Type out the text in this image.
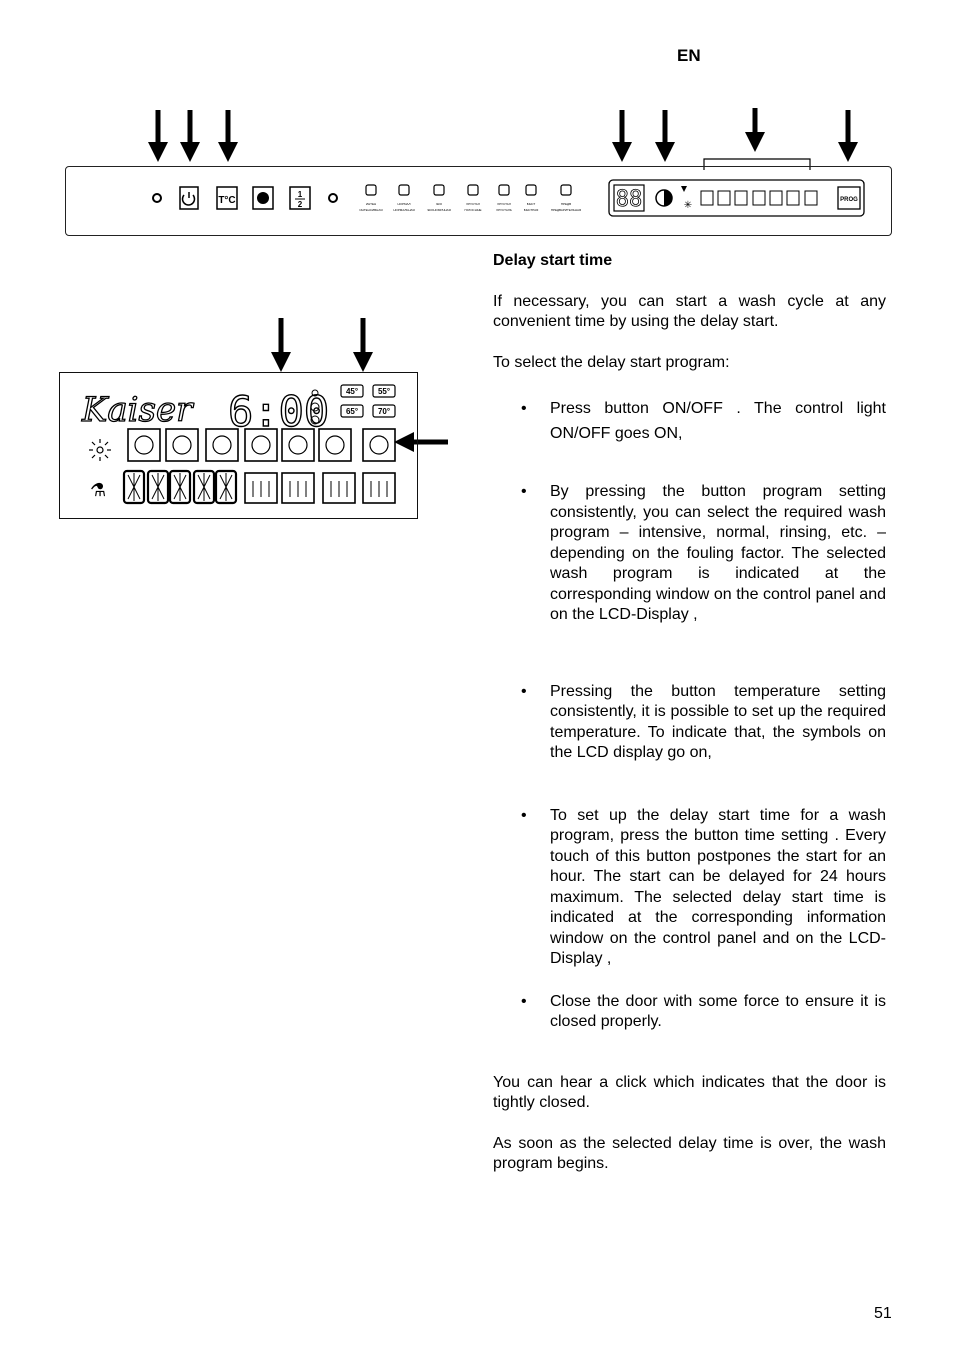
EN
T°C
1
2	ИНТЕН
ИНТЕНСИВНАЯ
НОРМАЛ
НОРМАЛЬНАЯ
ЭКО
ЭКОНОМИЧНАЯ
ХРУСТАЛ
ГОЛОСНЫЕ
ХРУСТАЛ
ХРУСТАЛЬ
БЫСТ
БЫСТРАЯ
ПРЕДВ
ПРЕДВАРИТЕЛЬНАЯ 88	✳	PROG
Kaiser 6:00 45° 55°
65° 70°
⚗

Delay start time

If necessary, you can start a wash cycle at any convenient time by using the delay start.

To select the delay start program:

• Press button ON/OFF . The control light ON/OFF goes ON,
• By pressing the button program setting consistently, you can select the required wash program – intensive, normal, rinsing, etc. – depending on the fouling factor. The selected wash program is indicated at the corresponding window on the control panel and on the LCD-Display ,
• Pressing the button temperature setting consistently, it is possible to set up the required temperature. To indicate that, the symbols on the LCD display go on,
• To set up the delay start time for a wash program, press the button time setting . Every touch of this button postpones the start for an hour. The start can be delayed for 24 hours maximum. The selected delay start time is indicated at the corresponding information window on the control panel and on the LCD-Display ,
• Close the door with some force to ensure it is closed properly.

You can hear a click which indicates that the door is tightly closed.

As soon as the selected delay time is over, the wash program begins.

51
